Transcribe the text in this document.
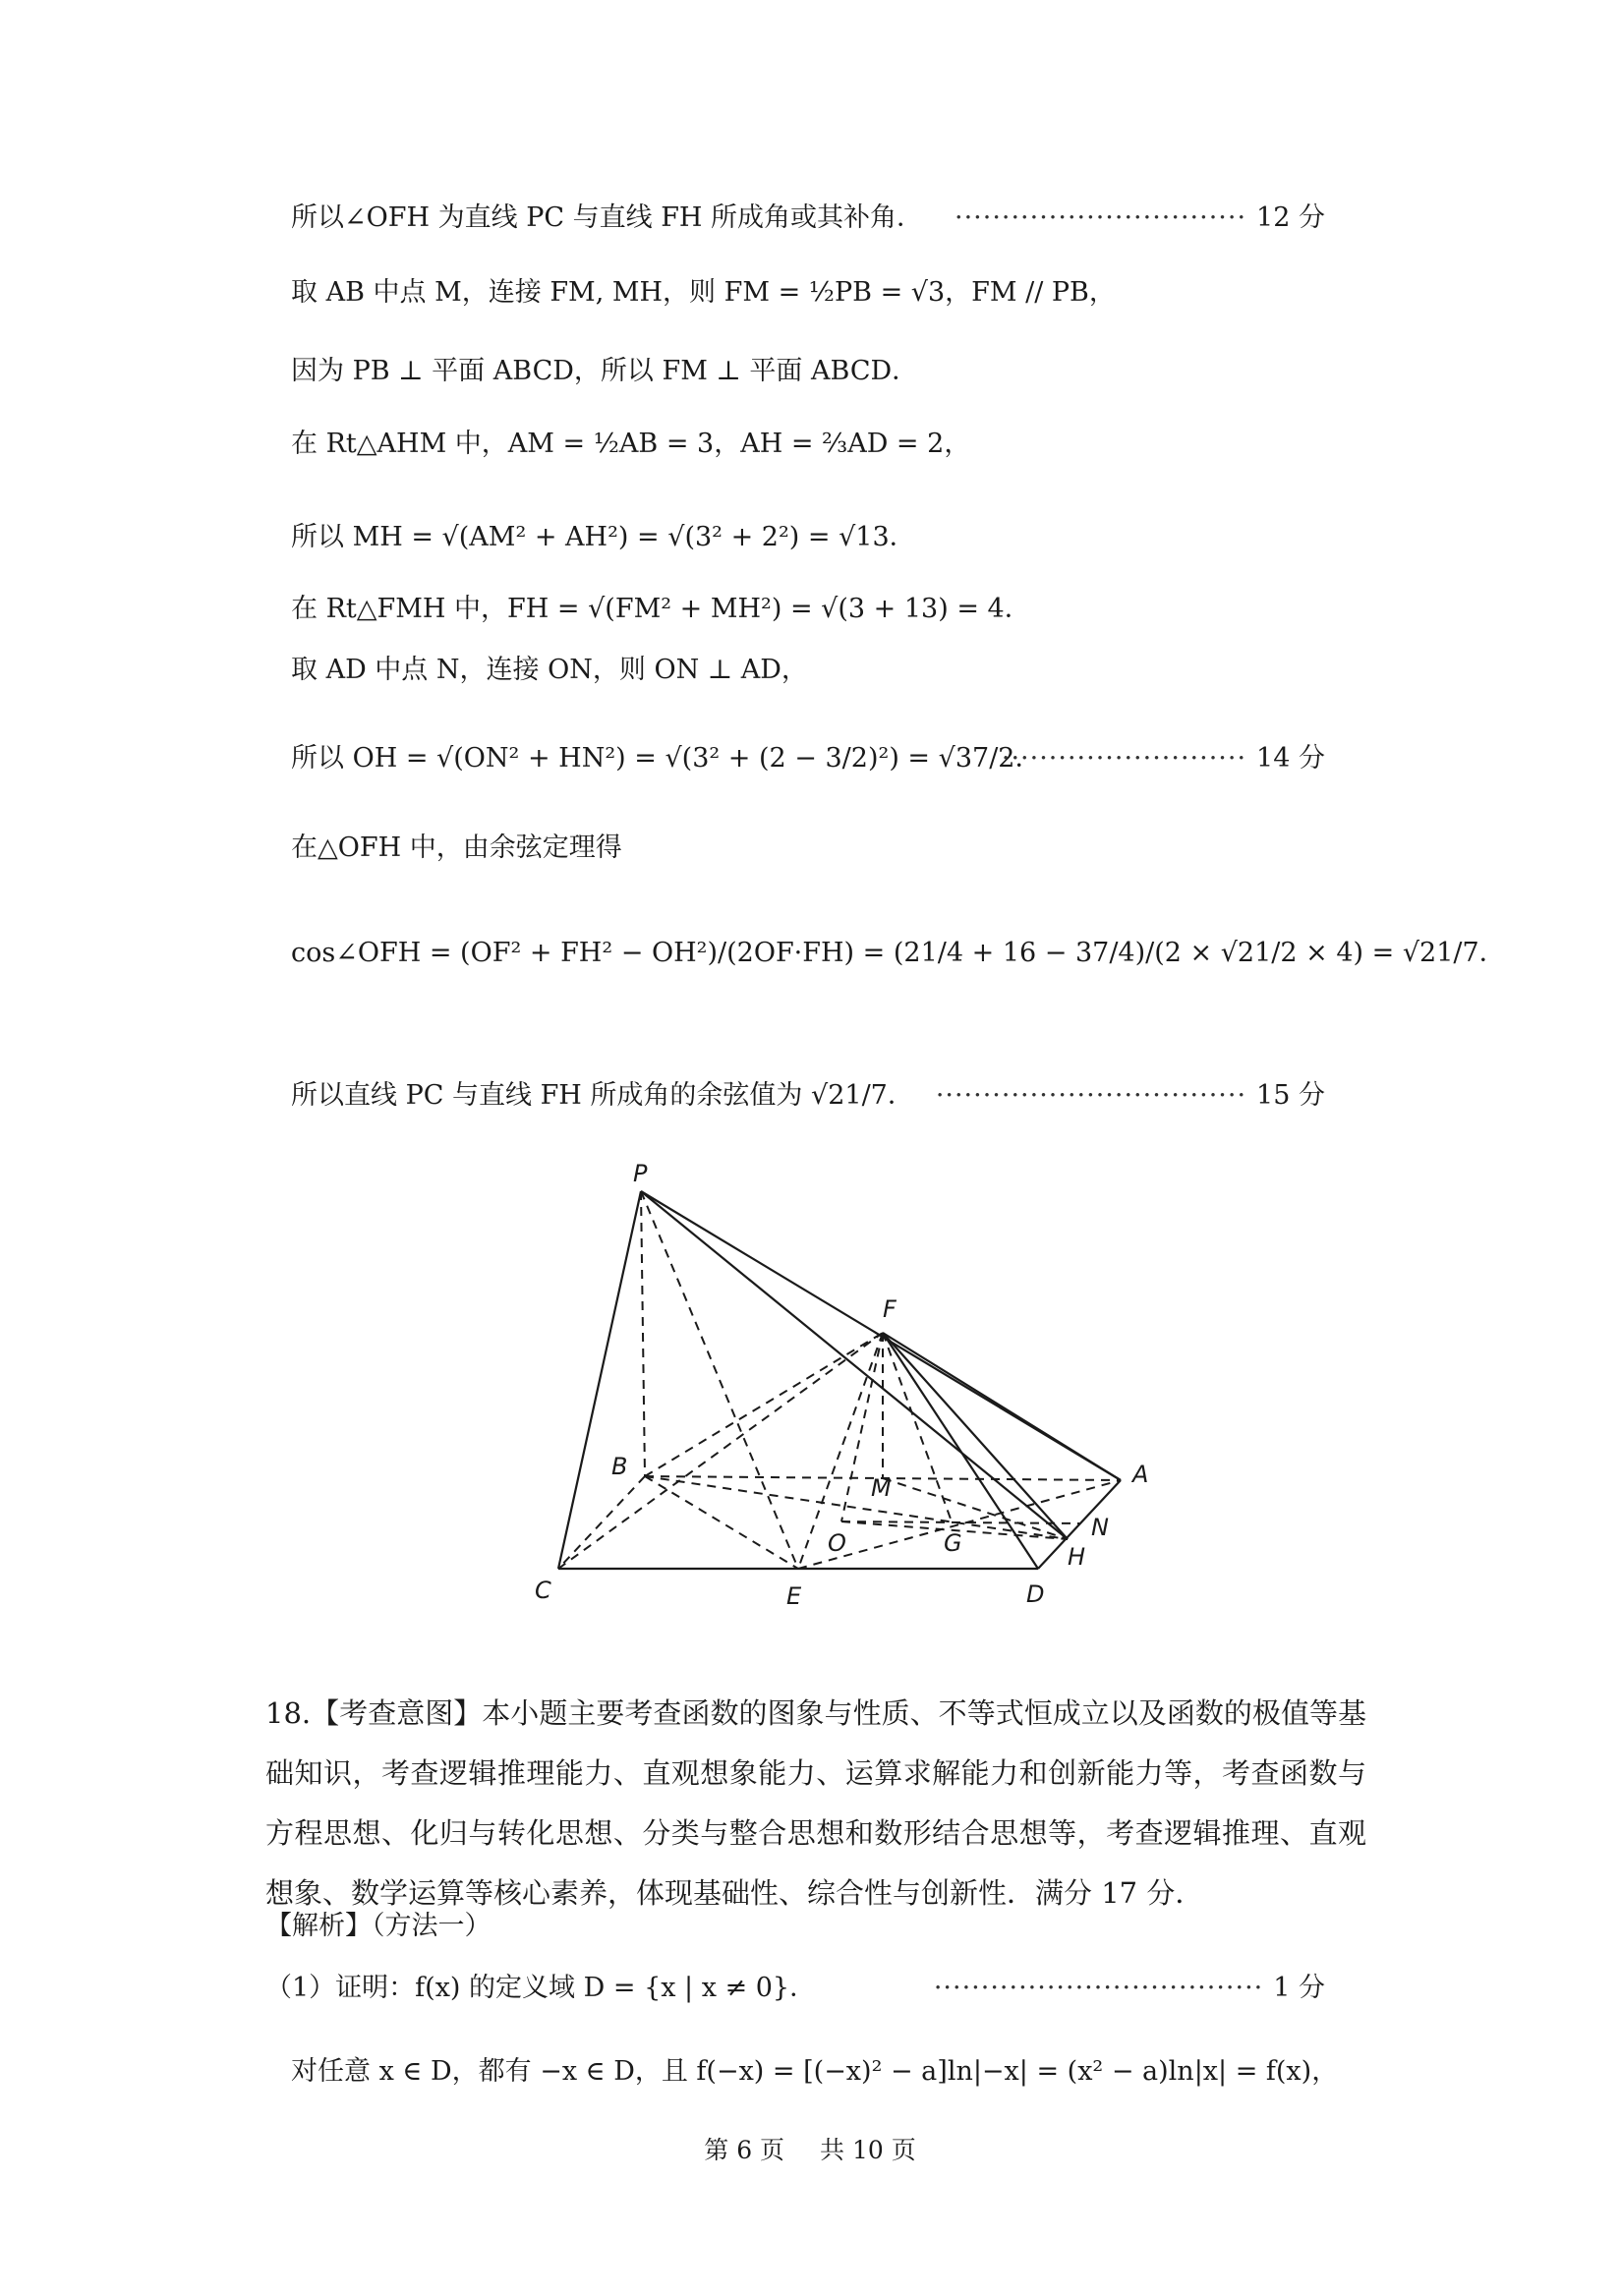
所以∠OFH 为直线 PC 与直线 FH 所成角或其补角． ······························· 12 分
取 AB 中点 M，连接 FM, MH，则 FM = ½PB = √3，FM // PB，
因为 PB ⊥ 平面 ABCD，所以 FM ⊥ 平面 ABCD．
在 Rt△AHM 中，AM = ½AB = 3，AH = ⅔AD = 2，
所以 MH = √(AM² + AH²) = √(3² + 2²) = √13．
在 Rt△FMH 中，FH = √(FM² + MH²) = √(3 + 13) = 4．
取 AD 中点 N，连接 ON，则 ON ⊥ AD，
所以 OH = √(ON² + HN²) = √(3² + (2 − 3/2)²) = √37/2．
·························· 14 分
在△OFH 中，由余弦定理得
cos∠OFH = (OF² + FH² − OH²)/(2OF·FH) = (21/4 + 16 − 37/4)/(2 × √21/2 × 4) = √21/7．
所以直线 PC 与直线 FH 所成角的余弦值为 √21/7． ································· 15 分
P
F
B
M	A
O	G
N
H
C	E	D
18.【考查意图】本小题主要考查函数的图象与性质、不等式恒成立以及函数的极值等基础知识，考查逻辑推理能力、直观想象能力、运算求解能力和创新能力等，考查函数与方程思想、化归与转化思想、分类与整合思想和数形结合思想等，考查逻辑推理、直观想象、数学运算等核心素养，体现基础性、综合性与创新性．满分 17 分．
【解析】（方法一）
（1）证明：f(x) 的定义域 D = {x | x ≠ 0}．	··································· 1 分
对任意 x ∈ D，都有 −x ∈ D，且 f(−x) = [(−x)² − a]ln|−x| = (x² − a)ln|x| = f(x)，
第 6 页 共 10 页
